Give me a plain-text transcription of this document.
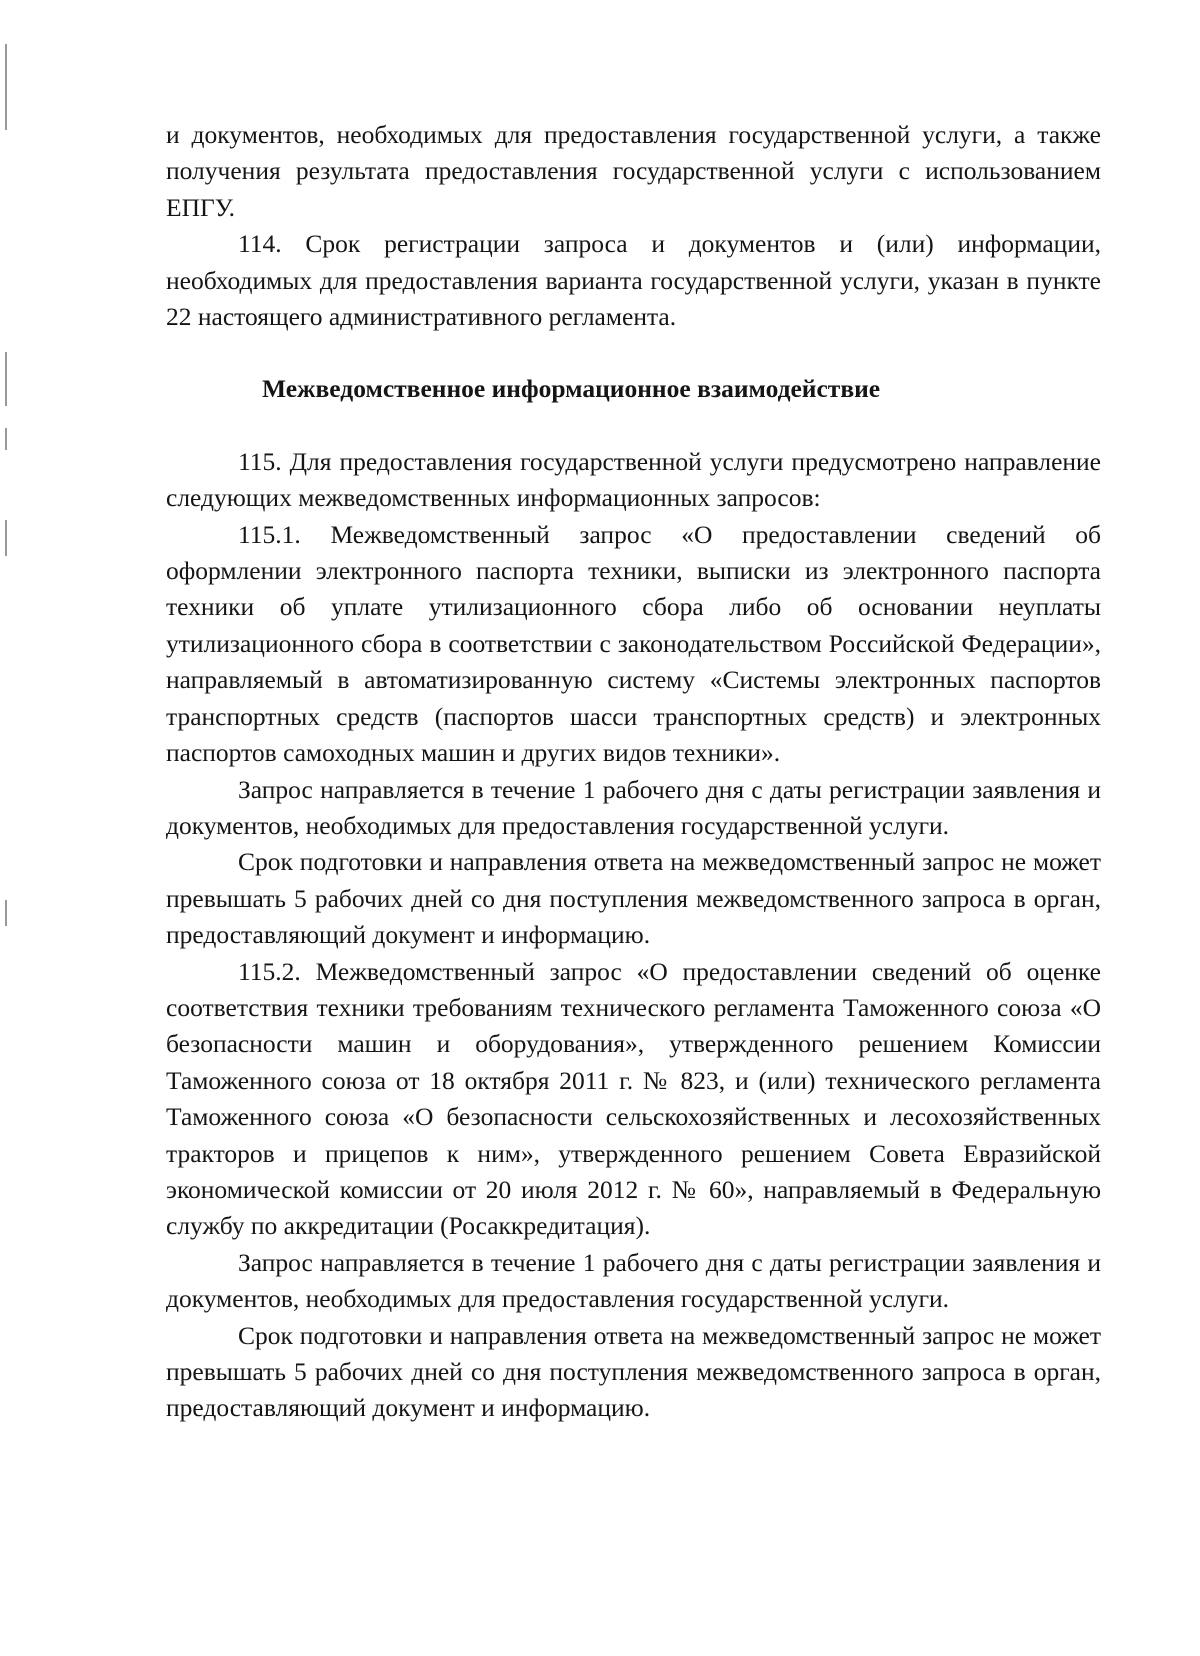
и документов, необходимых для предоставления государственной услуги, а также получения результата предоставления государственной услуги с использованием ЕПГУ.

114. Срок регистрации запроса и документов и (или) информации, необходимых для предоставления варианта государственной услуги, указан в пункте 22 настоящего административного регламента.

Межведомственное информационное взаимодействие

115. Для предоставления государственной услуги предусмотрено направление следующих межведомственных информационных запросов:

115.1. Межведомственный запрос «О предоставлении сведений об оформлении электронного паспорта техники, выписки из электронного паспорта техники об уплате утилизационного сбора либо об основании неуплаты утилизационного сбора в соответствии с законодательством Российской Федерации», направляемый в автоматизированную систему «Системы электронных паспортов транспортных средств (паспортов шасси транспортных средств) и электронных паспортов самоходных машин и других видов техники».

Запрос направляется в течение 1 рабочего дня с даты регистрации заявления и документов, необходимых для предоставления государственной услуги.

Срок подготовки и направления ответа на межведомственный запрос не может превышать 5 рабочих дней со дня поступления межведомственного запроса в орган, предоставляющий документ и информацию.

115.2. Межведомственный запрос «О предоставлении сведений об оценке соответствия техники требованиям технического регламента Таможенного союза «О безопасности машин и оборудования», утвержденного решением Комиссии Таможенного союза от 18 октября 2011 г. № 823, и (или) технического регламента Таможенного союза «О безопасности сельскохозяйственных и лесохозяйственных тракторов и прицепов к ним», утвержденного решением Совета Евразийской экономической комиссии от 20 июля 2012 г. № 60», направляемый в Федеральную службу по аккредитации (Росаккредитация).

Запрос направляется в течение 1 рабочего дня с даты регистрации заявления и документов, необходимых для предоставления государственной услуги.

Срок подготовки и направления ответа на межведомственный запрос не может превышать 5 рабочих дней со дня поступления межведомственного запроса в орган, предоставляющий документ и информацию.
